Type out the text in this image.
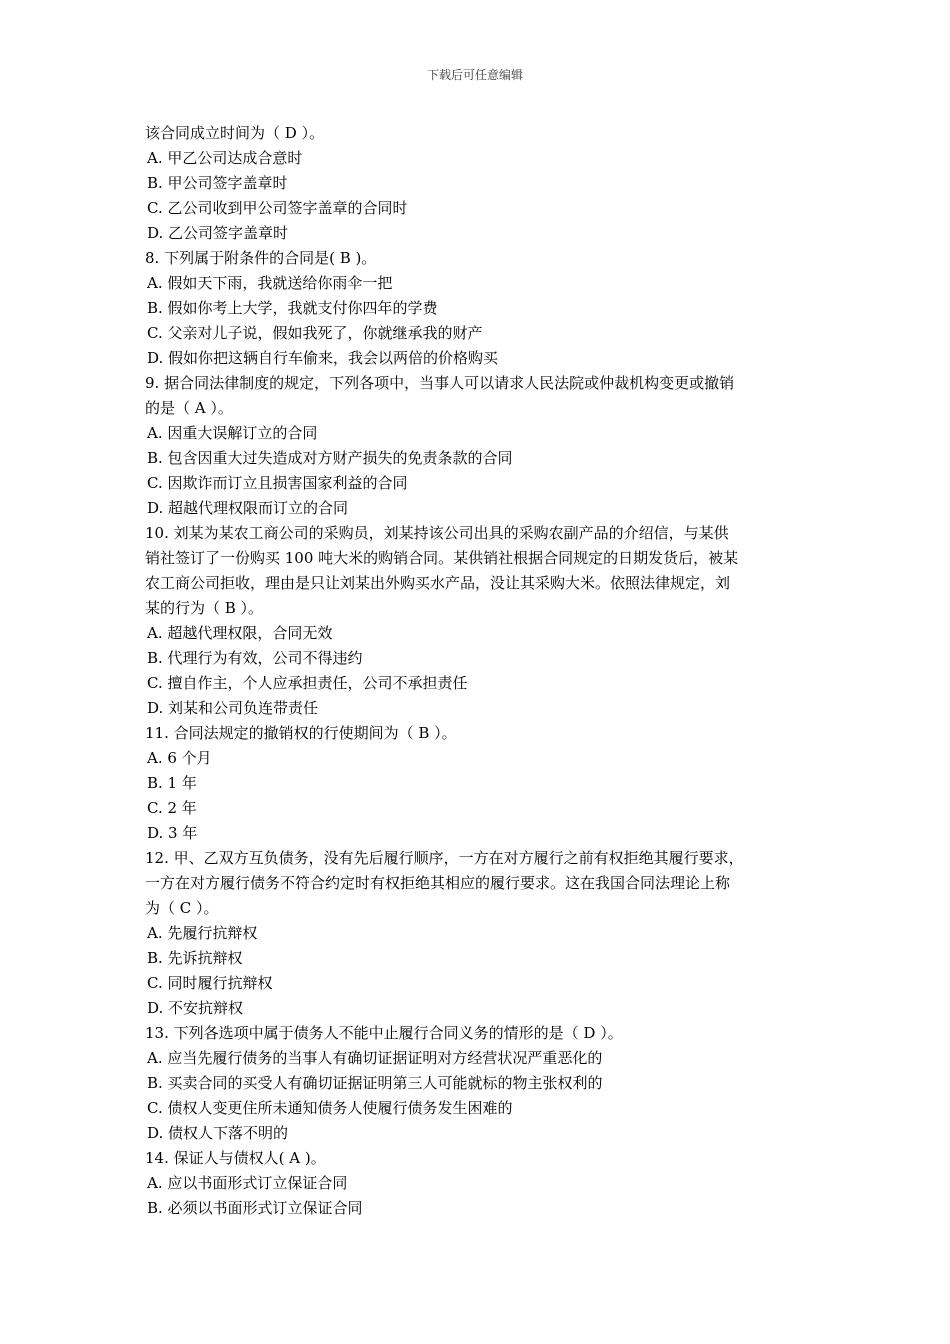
下载后可任意编辑
该合同成立时间为（ D ）。
A. 甲乙公司达成合意时
B. 甲公司签字盖章时
C. 乙公司收到甲公司签字盖章的合同时
D. 乙公司签字盖章时
8. 下列属于附条件的合同是( B )。
A. 假如天下雨，我就送给你雨伞一把
B. 假如你考上大学，我就支付你四年的学费
C. 父亲对儿子说，假如我死了，你就继承我的财产
D. 假如你把这辆自行车偷来，我会以两倍的价格购买
9. 据合同法律制度的规定，下列各项中，当事人可以请求人民法院或仲裁机构变更或撤销
的是（ A ）。
A. 因重大误解订立的合同
B. 包含因重大过失造成对方财产损失的免责条款的合同
C. 因欺诈而订立且损害国家利益的合同
D. 超越代理权限而订立的合同
10. 刘某为某农工商公司的采购员，刘某持该公司出具的采购农副产品的介绍信，与某供
销社签订了一份购买 100 吨大米的购销合同。某供销社根据合同规定的日期发货后，被某
农工商公司拒收，理由是只让刘某出外购买水产品，没让其采购大米。依照法律规定，刘
某的行为（ B ）。
A. 超越代理权限，合同无效
B. 代理行为有效，公司不得违约
C. 擅自作主，个人应承担责任，公司不承担责任
D. 刘某和公司负连带责任
11. 合同法规定的撤销权的行使期间为（ B ）。
A. 6 个月
B. 1 年
C. 2 年
D. 3 年
12. 甲、乙双方互负债务，没有先后履行顺序，一方在对方履行之前有权拒绝其履行要求，
一方在对方履行债务不符合约定时有权拒绝其相应的履行要求。这在我国合同法理论上称
为（ C ）。
A. 先履行抗辩权
B. 先诉抗辩权
C. 同时履行抗辩权
D. 不安抗辩权
13. 下列各选项中属于债务人不能中止履行合同义务的情形的是（ D ）。
A. 应当先履行债务的当事人有确切证据证明对方经营状况严重恶化的
B. 买卖合同的买受人有确切证据证明第三人可能就标的物主张权利的
C. 债权人变更住所未通知债务人使履行债务发生困难的
D. 债权人下落不明的
14. 保证人与债权人( A )。
A. 应以书面形式订立保证合同
B. 必须以书面形式订立保证合同
